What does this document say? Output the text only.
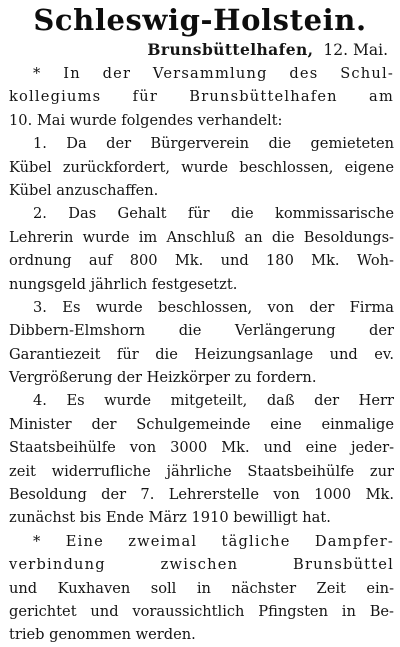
Schleswig-Holstein.
Brunsbüttelhafen, 12. Mai.
* In der Versammlung des Schul-
kollegiums für Brunsbüttelhafen am
10. Mai wurde folgendes verhandelt:
1. Da der Bürgerverein die gemieteten
Kübel zurückfordert, wurde beschlossen, eigene
Kübel anzuschaffen.
2. Das Gehalt für die kommissarische
Lehrerin wurde im Anschluß an die Besoldungs-
ordnung auf 800 Mk. und 180 Mk. Woh-
nungsgeld jährlich festgesetzt.
3. Es wurde beschlossen, von der Firma
Dibbern-Elmshorn die Verlängerung der
Garantiezeit für die Heizungsanlage und ev.
Vergrößerung der Heizkörper zu fordern.
4. Es wurde mitgeteilt, daß der Herr
Minister der Schulgemeinde eine einmalige
Staatsbeihülfe von 3000 Mk. und eine jeder-
zeit widerrufliche jährliche Staatsbeihülfe zur
Besoldung der 7. Lehrerstelle von 1000 Mk.
zunächst bis Ende März 1910 bewilligt hat.
* Eine zweimal tägliche Dampfer-
verbindung zwischen Brunsbüttel
und Kuxhaven soll in nächster Zeit ein-
gerichtet und voraussichtlich Pfingsten in Be-
trieb genommen werden.
